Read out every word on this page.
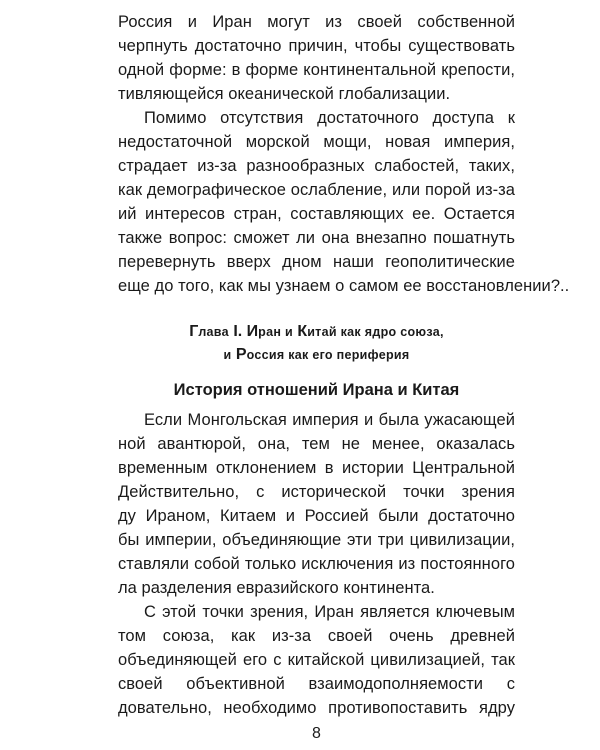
Россия и Иран могут из своей собственной
черпнуть достаточно причин, чтобы существовать
одной форме: в форме континентальной крепости,
тивляющейся океанической глобализации.
Помимо отсутствия достаточного доступа к
недостаточной морской мощи, новая империя,
страдает из-за разнообразных слабостей, таких,
как демографическое ослабление, или порой из-за
ий интересов стран, составляющих ее. Остается
также вопрос: сможет ли она внезапно пошатнуть
перевернуть вверх дном наши геополитические
еще до того, как мы узнаем о самом ее восстановлении?..
Глава I. Иран и Китай как ядро союза,
и Россия как его периферия
История отношений Ирана и Китая
Если Монгольская империя и была ужасающей
ной авантюрой, она, тем не менее, оказалась
временным отклонением в истории Центральной
Действительно, с исторической точки зрения
ду Ираном, Китаем и Россией были достаточно
бы империи, объединяющие эти три цивилизации,
ставляли собой только исключения из постоянного
ла разделения евразийского континента.
С этой точки зрения, Иран является ключевым
том союза, как из-за своей очень древней
объединяющей его с китайской цивилизацией, так
своей объективной взаимодополняемости с
довательно, необходимо противопоставить ядру
8
